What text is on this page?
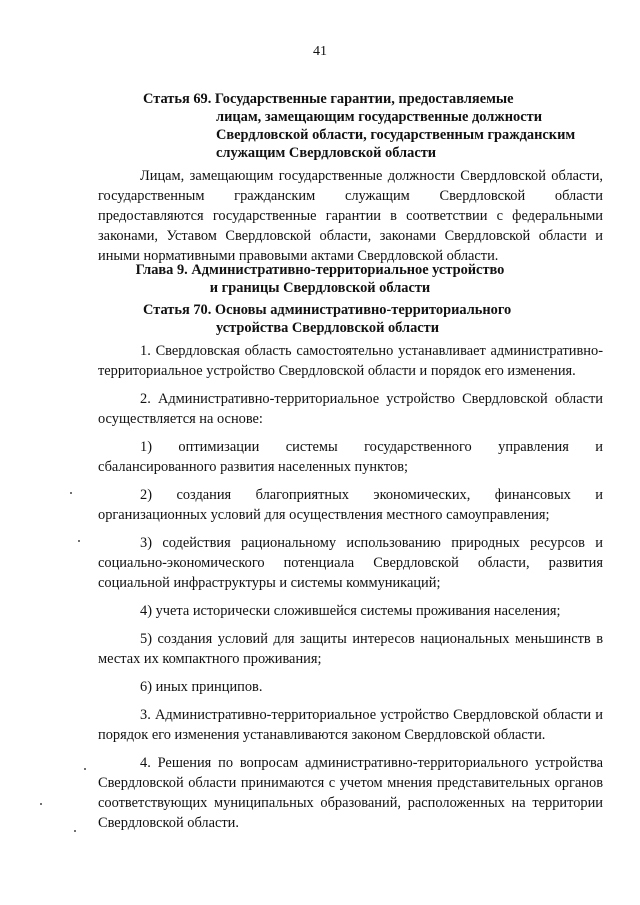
41
Статья 69. Государственные гарантии, предоставляемые
лицам, замещающим государственные должности Свердловской области, государственным гражданским служащим Свердловской области

Лицам, замещающим государственные должности Свердловской области, государственным гражданским служащим Свердловской области предоставляются государственные гарантии в соответствии с федеральными законами, Уставом Свердловской области, законами Свердловской области и иными нормативными правовыми актами Свердловской области.

Глава 9. Административно-территориальное устройство
и границы Свердловской области
Статья 70. Основы административно-территориального
устройства Свердловской области

1. Свердловская область самостоятельно устанавливает административно-территориальное устройство Свердловской области и порядок его изменения.

2. Административно-территориальное устройство Свердловской области осуществляется на основе:

1) оптимизации системы государственного управления и сбалансированного развития населенных пунктов;

2) создания благоприятных экономических, финансовых и организационных условий для осуществления местного самоуправления;

3) содействия рациональному использованию природных ресурсов и социально-экономического потенциала Свердловской области, развития социальной инфраструктуры и системы коммуникаций;

4) учета исторически сложившейся системы проживания населения;

5) создания условий для защиты интересов национальных меньшинств в местах их компактного проживания;

6) иных принципов.

3. Административно-территориальное устройство Свердловской области и порядок его изменения устанавливаются законом Свердловской области.

4. Решения по вопросам административно-территориального устройства Свердловской области принимаются с учетом мнения представительных органов соответствующих муниципальных образований, расположенных на территории Свердловской области.
